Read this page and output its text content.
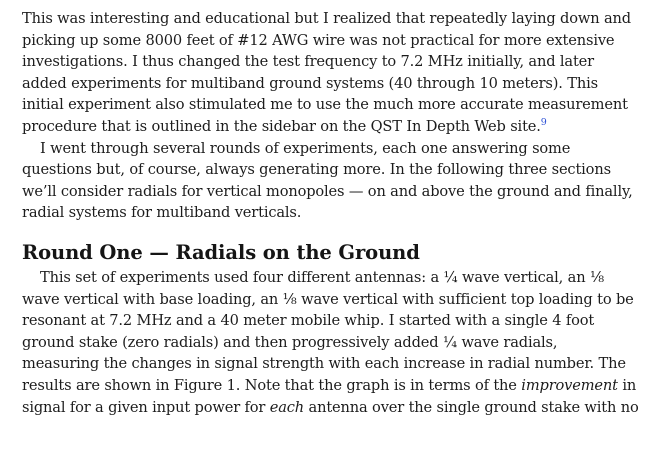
This was interesting and educational but I realized that repeatedly laying down and
picking up some 8000 feet of #12 AWG wire was not practical for more extensive
investigations. I thus changed the test frequency to 7.2 MHz initially, and later
added experiments for multiband ground systems (40 through 10 meters). This
initial experiment also stimulated me to use the much more accurate measurement
procedure that is outlined in the sidebar on the QST In Depth Web site.$^9$

I went through several rounds of experiments, each one answering some
questions but, of course, always generating more. In the following three sections
we’ll consider radials for vertical monopoles — on and above the ground and finally,
radial systems for multiband verticals.

Round One — Radials on the Ground

This set of experiments used four different antennas: a ¼ wave vertical, an ⅛
wave vertical with base loading, an ⅛ wave vertical with sufficient top loading to be
resonant at 7.2 MHz and a 40 meter mobile whip. I started with a single 4 foot
ground stake (zero radials) and then progressively added ¼ wave radials,
measuring the changes in signal strength with each increase in radial number. The
results are shown in Figure 1. Note that the graph is in terms of the improvement in
signal for a given input power for each antenna over the single ground stake with no
